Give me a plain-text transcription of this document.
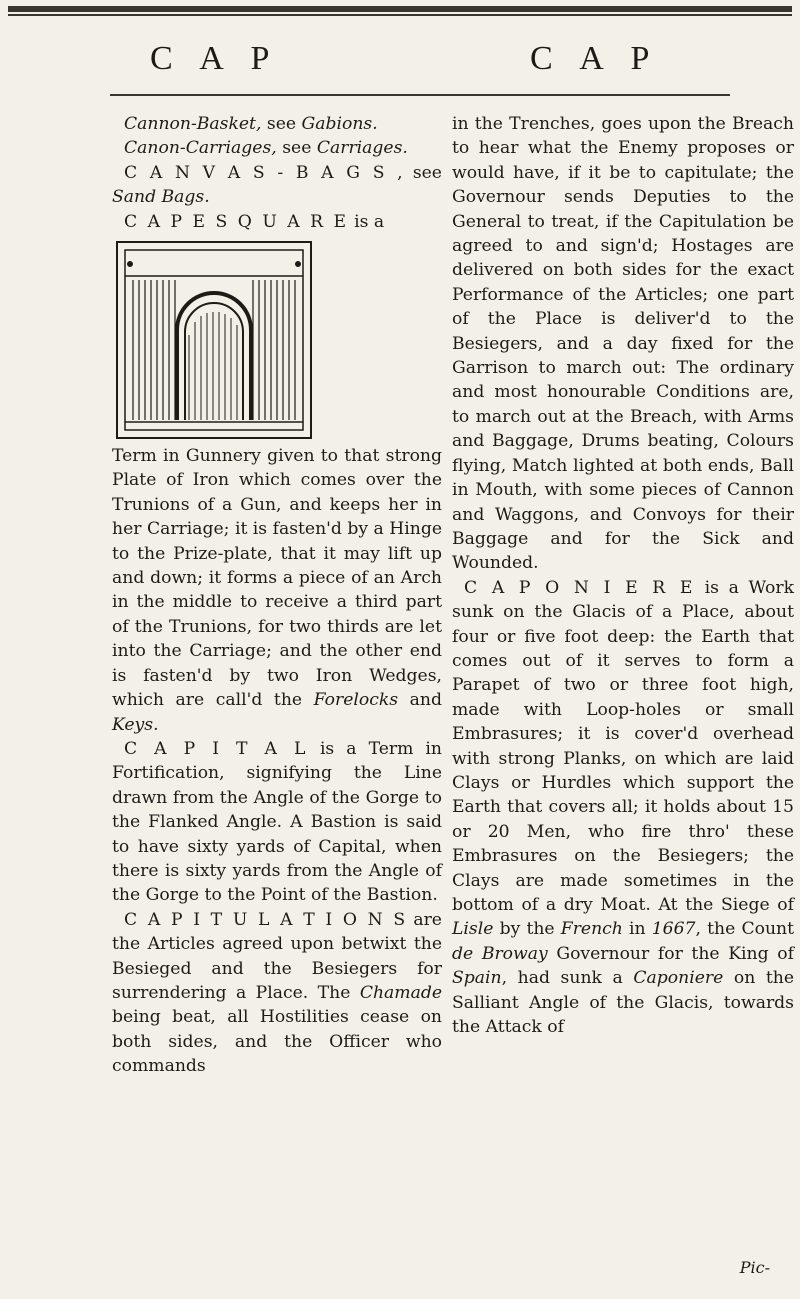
C A P	C A P

Cannon-Basket, see Gabions.

Canon-Carriages, see Carriages.

C A N V A S - B A G S , see Sand Bags.

C A P E S Q U A R E is a

Term in Gunnery given to that strong Plate of Iron which comes over the Trunions of a Gun, and keeps her in her Carriage; it is fasten'd by a Hinge to the Prize-plate, that it may lift up and down; it forms a piece of an Arch in the middle to receive a third part of the Trunions, for two thirds are let into the Carriage; and the other end is fasten'd by two Iron Wedges, which are call'd the Forelocks and Keys.

C A P I T A L is a Term in Fortification, signifying the Line drawn from the Angle of the Gorge to the Flanked Angle. A Bastion is said to have sixty yards of Capital, when there is sixty yards from the Angle of the Gorge to the Point of the Bastion.

C A P I T U L A T I O N S are the Articles agreed upon betwixt the Besieged and the Besiegers for surrendering a Place. The Chamade being beat, all Hostilities cease on both sides, and the Officer who commands

in the Trenches, goes upon the Breach to hear what the Enemy proposes or would have, if it be to capitulate; the Governour sends Deputies to the General to treat, if the Capitulation be agreed to and sign'd; Hostages are delivered on both sides for the exact Performance of the Articles; one part of the Place is deliver'd to the Besiegers, and a day fixed for the Garrison to march out: The ordinary and most honourable Conditions are, to march out at the Breach, with Arms and Baggage, Drums beating, Colours flying, Match lighted at both ends, Ball in Mouth, with some pieces of Cannon and Waggons, and Convoys for their Baggage and for the Sick and Wounded.

C A P O N I E R E is a Work sunk on the Glacis of a Place, about four or five foot deep: the Earth that comes out of it serves to form a Parapet of two or three foot high, made with Loop-holes or small Embrasures; it is cover'd overhead with strong Planks, on which are laid Clays or Hurdles which support the Earth that covers all; it holds about 15 or 20 Men, who fire thro' these Embrasures on the Besiegers; the Clays are made sometimes in the bottom of a dry Moat. At the Siege of Lisle by the French in 1667, the Count de Broway Governour for the King of Spain, had sunk a Caponiere on the Salliant Angle of the Glacis, towards the Attack of

Pic-
